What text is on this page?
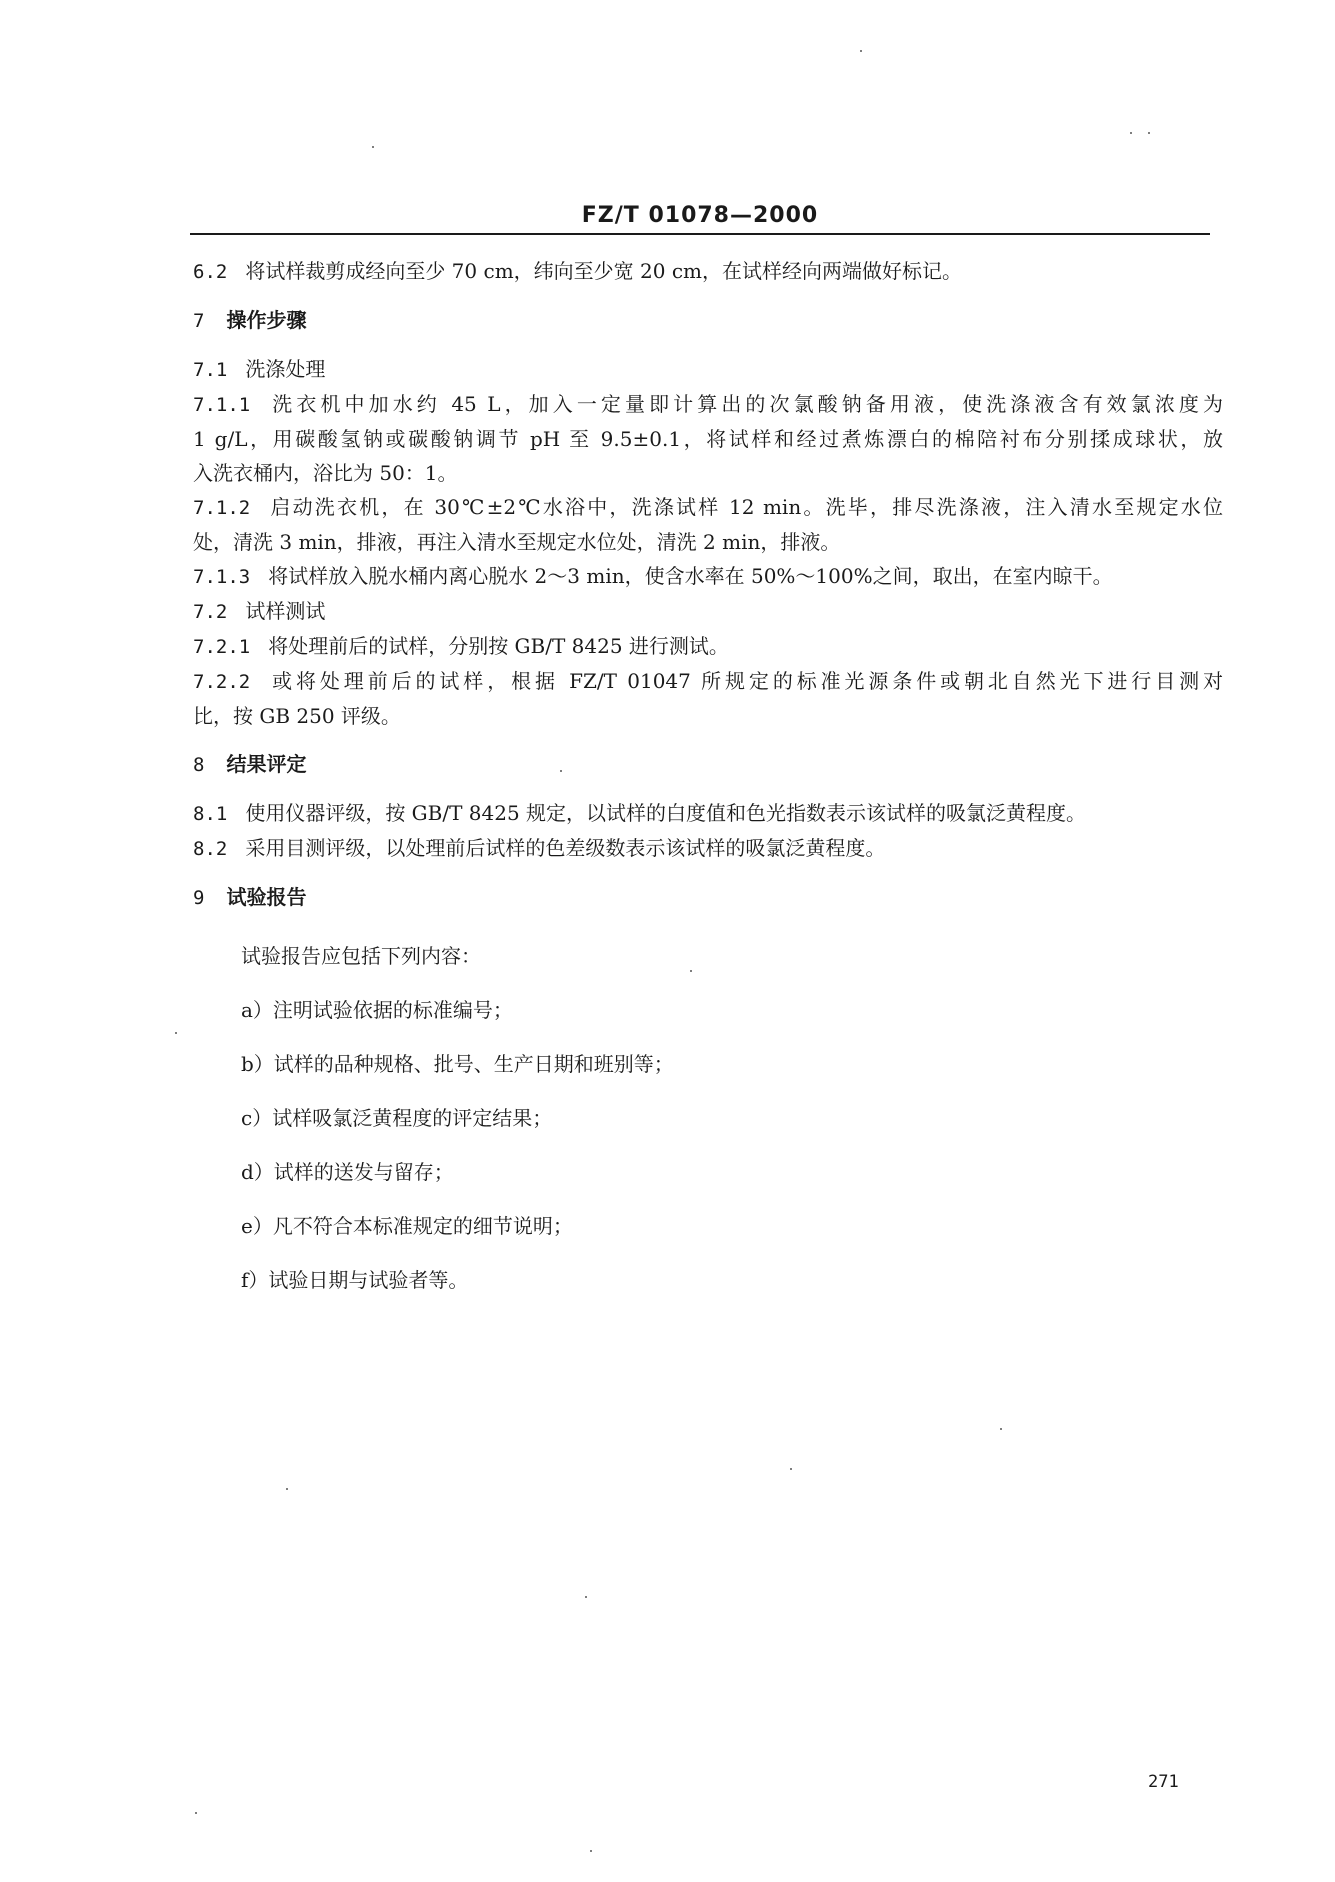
FZ/T 01078—2000

6.2 将试样裁剪成经向至少 70 cm，纬向至少宽 20 cm，在试样经向两端做好标记。

7 操作步骤

7.1 洗涤处理

7.1.1 洗衣机中加水约 45 L，加入一定量即计算出的次氯酸钠备用液，使洗涤液含有效氯浓度为

1 g/L，用碳酸氢钠或碳酸钠调节 pH 至 9.5±0.1，将试样和经过煮炼漂白的棉陪衬布分别揉成球状，放

入洗衣桶内，浴比为 50：1。

7.1.2 启动洗衣机，在 30℃±2℃水浴中，洗涤试样 12 min。洗毕，排尽洗涤液，注入清水至规定水位

处，清洗 3 min，排液，再注入清水至规定水位处，清洗 2 min，排液。

7.1.3 将试样放入脱水桶内离心脱水 2～3 min，使含水率在 50%～100%之间，取出，在室内晾干。

7.2 试样测试

7.2.1 将处理前后的试样，分别按 GB/T 8425 进行测试。

7.2.2 或将处理前后的试样，根据 FZ/T 01047 所规定的标准光源条件或朝北自然光下进行目测对

比，按 GB 250 评级。

8 结果评定

8.1 使用仪器评级，按 GB/T 8425 规定，以试样的白度值和色光指数表示该试样的吸氯泛黄程度。

8.2 采用目测评级，以处理前后试样的色差级数表示该试样的吸氯泛黄程度。

9 试验报告

试验报告应包括下列内容：

a）注明试验依据的标准编号；

b）试样的品种规格、批号、生产日期和班别等；

c）试样吸氯泛黄程度的评定结果；

d）试样的送发与留存；

e）凡不符合本标准规定的细节说明；

f）试验日期与试验者等。

271
